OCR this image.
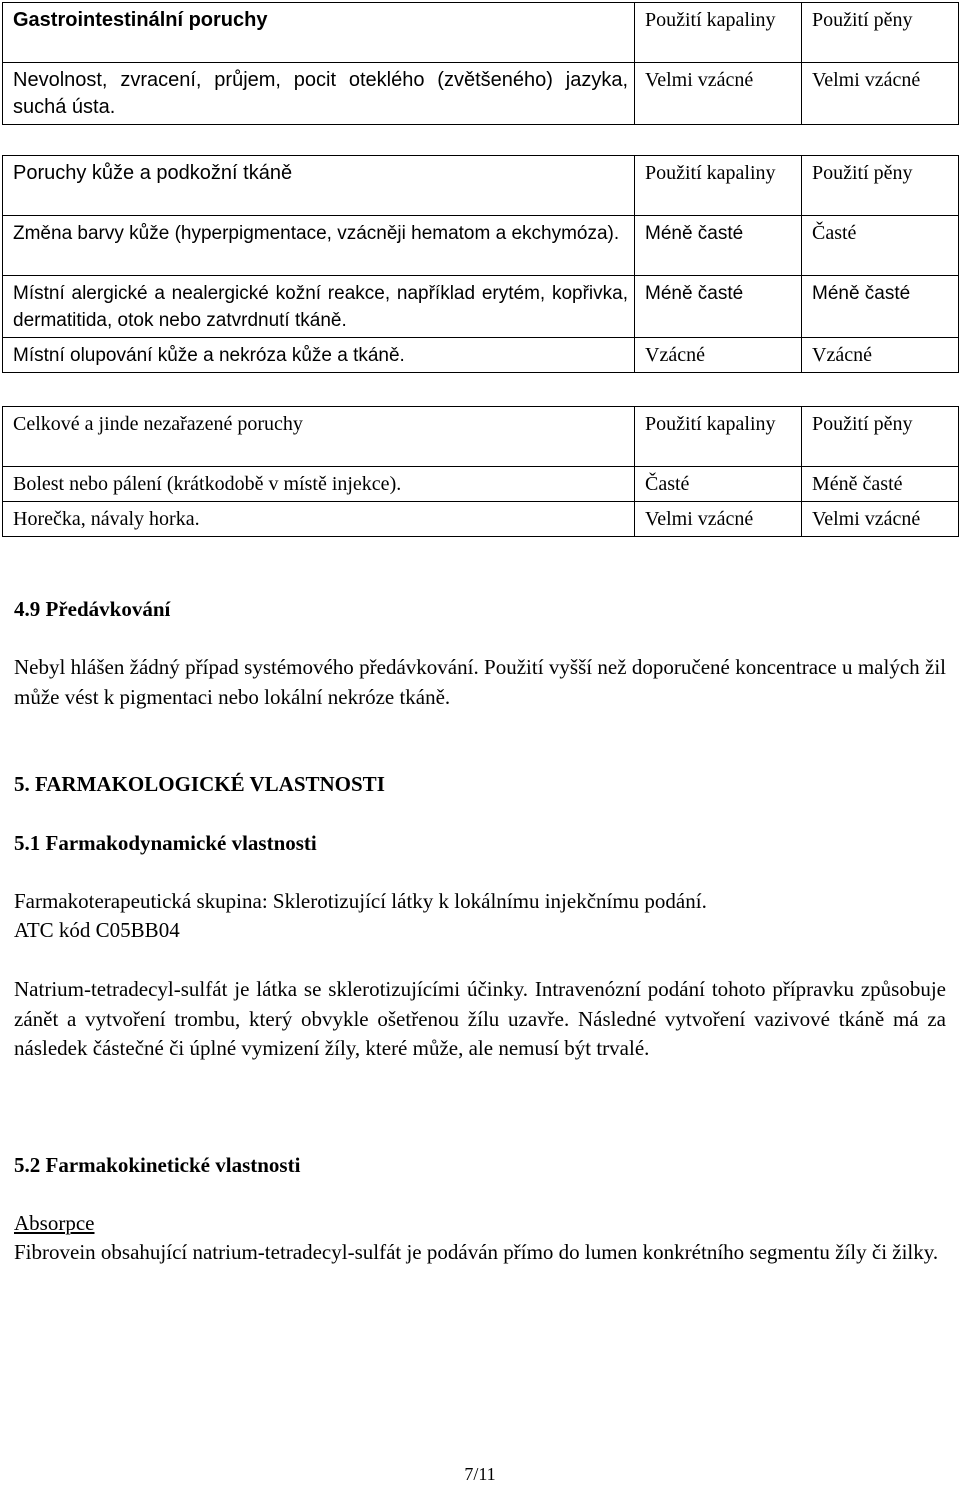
Gastrointestinální poruchy	Použití kapaliny	Použití pěny
Nevolnost, zvracení, průjem, pocit oteklého (zvětšeného) jazyka, suchá ústa.	Velmi vzácné	Velmi vzácné
Poruchy kůže a podkožní tkáně	Použití kapaliny	Použití pěny
Změna barvy kůže (hyperpigmentace, vzácněji hematom a ekchymóza).	Méně časté	Časté
Místní alergické a nealergické kožní reakce, například erytém, kopřivka, dermatitida, otok nebo zatvrdnutí tkáně.	Méně časté	Méně časté
Místní olupování kůže a nekróza kůže a tkáně.	Vzácné	Vzácné
Celkové a jinde nezařazené poruchy	Použití kapaliny	Použití pěny
Bolest nebo pálení (krátkodobě v místě injekce).	Časté	Méně časté
Horečka, návaly horka.	Velmi vzácné	Velmi vzácné
4.9 Předávkování

Nebyl hlášen žádný případ systémového předávkování. Použití vyšší než doporučené koncentrace u malých žil může vést k pigmentaci nebo lokální nekróze tkáně.

5. FARMAKOLOGICKÉ VLASTNOSTI
5.1 Farmakodynamické vlastnosti

Farmakoterapeutická skupina: Sklerotizující látky k lokálnímu injekčnímu podání.

ATC kód C05BB04

Natrium-tetradecyl-sulfát je látka se sklerotizujícími účinky. Intravenózní podání tohoto přípravku způsobuje zánět a vytvoření trombu, který obvykle ošetřenou žílu uzavře. Následné vytvoření vazivové tkáně má za následek částečné či úplné vymizení žíly, které může, ale nemusí být trvalé.

5.2 Farmakokinetické vlastnosti

Absorpce

Fibrovein obsahující natrium-tetradecyl-sulfát je podáván přímo do lumen konkrétního segmentu žíly či žilky.

7/11
